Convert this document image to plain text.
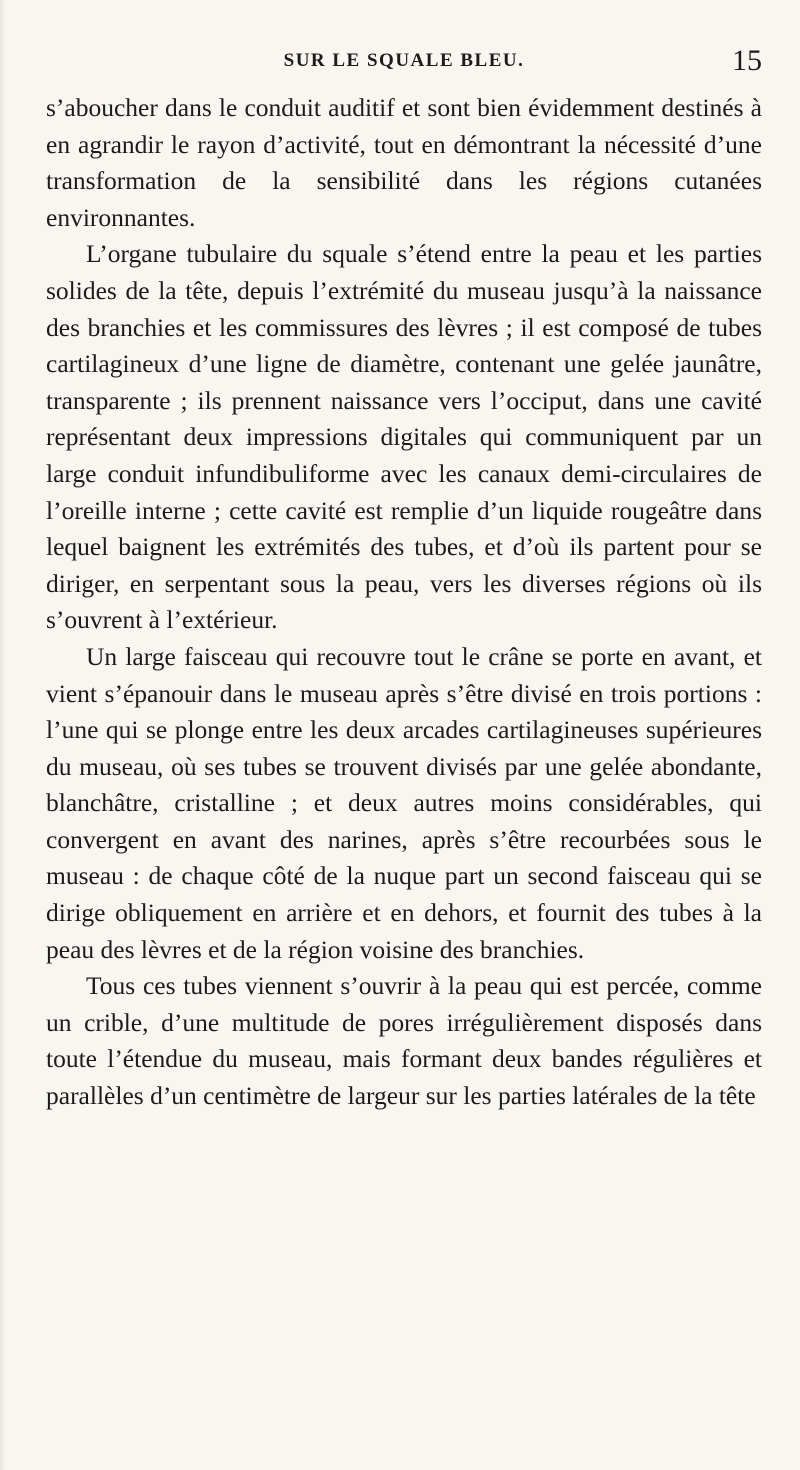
SUR LE SQUALE BLEU.	15

s’aboucher dans le conduit auditif et sont bien évidemment destinés à en agrandir le rayon d’activité, tout en démontrant la nécessité d’une transformation de la sensibilité dans les régions cutanées environnantes.

L’organe tubulaire du squale s’étend entre la peau et les parties solides de la tête, depuis l’extrémité du museau jusqu’à la naissance des branchies et les commissures des lèvres ; il est composé de tubes cartilagineux d’une ligne de diamètre, contenant une gelée jaunâtre, transparente ; ils prennent naissance vers l’occiput, dans une cavité représentant deux impressions digitales qui communiquent par un large conduit infundibuliforme avec les canaux demi-circulaires de l’oreille interne ; cette cavité est remplie d’un liquide rougeâtre dans lequel baignent les extrémités des tubes, et d’où ils partent pour se diriger, en serpentant sous la peau, vers les diverses régions où ils s’ouvrent à l’extérieur.

Un large faisceau qui recouvre tout le crâne se porte en avant, et vient s’épanouir dans le museau après s’être divisé en trois portions : l’une qui se plonge entre les deux arcades cartilagineuses supérieures du museau, où ses tubes se trouvent divisés par une gelée abondante, blanchâtre, cristalline ; et deux autres moins considérables, qui convergent en avant des narines, après s’être recourbées sous le museau : de chaque côté de la nuque part un second faisceau qui se dirige obliquement en arrière et en dehors, et fournit des tubes à la peau des lèvres et de la région voisine des branchies.

Tous ces tubes viennent s’ouvrir à la peau qui est percée, comme un crible, d’une multitude de pores irrégulièrement disposés dans toute l’étendue du museau, mais formant deux bandes régulières et parallèles d’un centimètre de largeur sur les parties latérales de la tête
